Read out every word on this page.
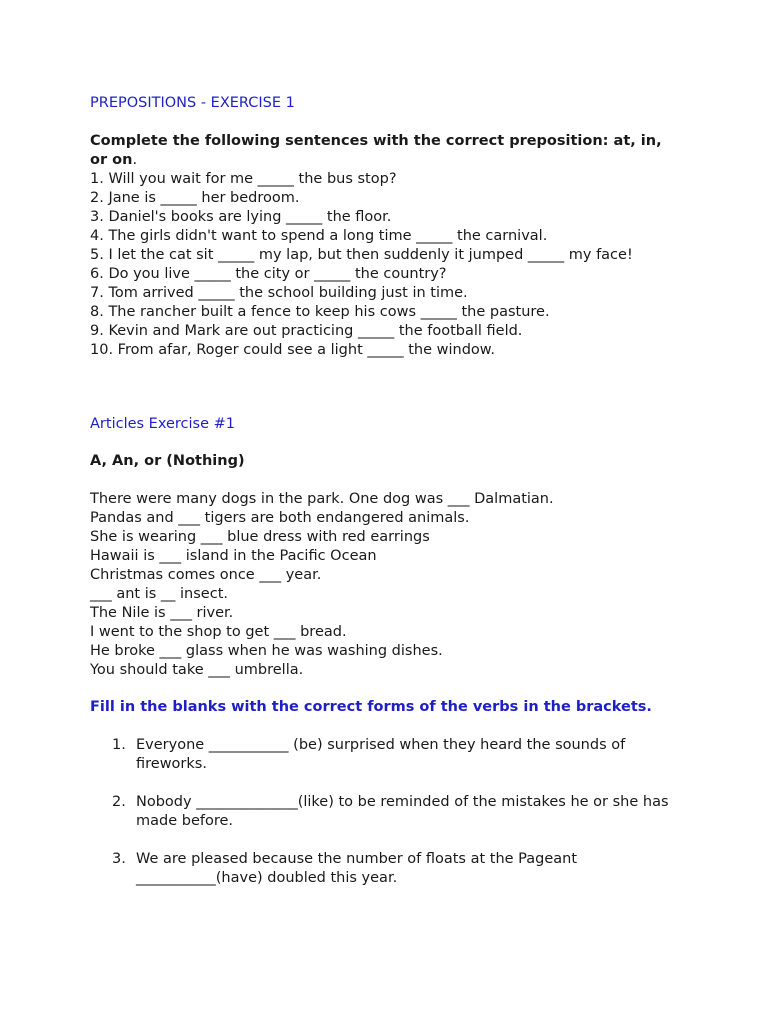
PREPOSITIONS - EXERCISE 1
Complete the following sentences with the correct preposition: at, in, or on.
1. Will you wait for me _____ the bus stop?
2. Jane is _____ her bedroom.
3. Daniel's books are lying _____ the floor.
4. The girls didn't want to spend a long time _____ the carnival.
5. I let the cat sit _____ my lap, but then suddenly it jumped _____ my face!
6. Do you live _____ the city or _____ the country?
7. Tom arrived _____ the school building just in time.
8. The rancher built a fence to keep his cows _____ the pasture.
9. Kevin and Mark are out practicing _____ the football field.
10. From afar, Roger could see a light _____ the window.
Articles Exercise #1
A, An, or (Nothing)
There were many dogs in the park. One dog was ___ Dalmatian.
Pandas and ___ tigers are both endangered animals.
She is wearing ___ blue dress with red earrings
Hawaii is ___ island in the Pacific Ocean
Christmas comes once ___ year.
___ ant is __ insect.
The Nile is ___ river.
I went to the shop to get ___ bread.
He broke ___ glass when he was washing dishes.
You should take ___ umbrella.
Fill in the blanks with the correct forms of the verbs in the brackets.
1. Everyone ___________ (be) surprised when they heard the sounds of fireworks.
2. Nobody ______________(like) to be reminded of the mistakes he or she has made before.
3. We are pleased because the number of floats at the Pageant ___________(have) doubled this year.
